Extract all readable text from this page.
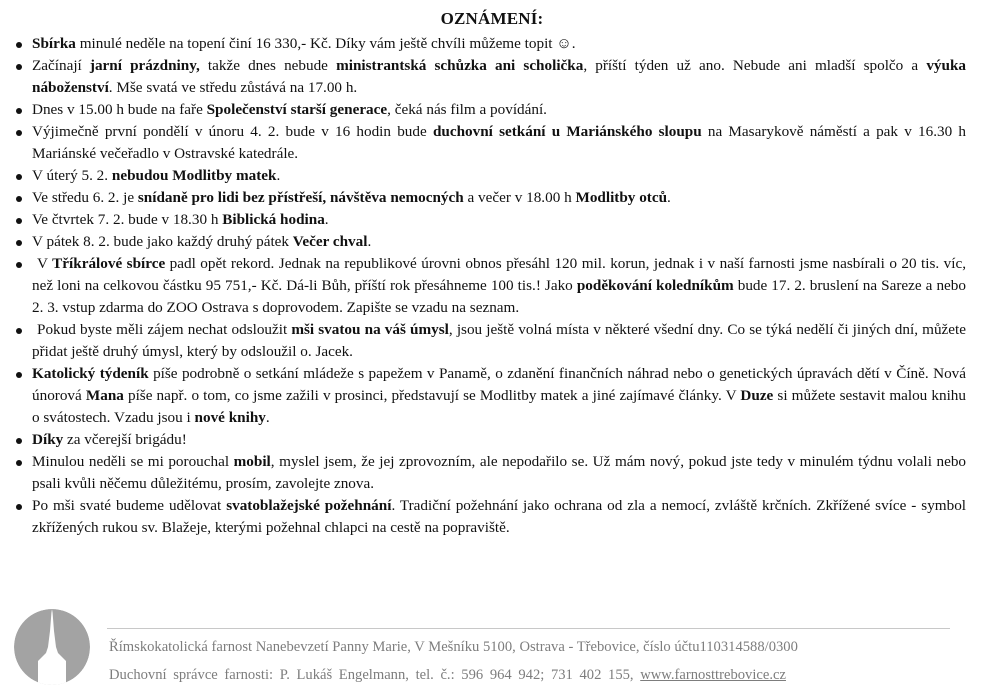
OZNÁMENÍ:
Sbírka minulé neděle na topení činí 16 330,- Kč. Díky vám ještě chvíli můžeme topit ☺.
Začínají jarní prázdniny, takže dnes nebude ministrantská schůzka ani scholička, příští týden už ano. Nebude ani mladší spolčo a výuka náboženství. Mše svatá ve středu zůstává na 17.00 h.
Dnes v 15.00 h bude na faře Společenství starší generace, čeká nás film a povídání.
Výjimečně první pondělí v únoru 4. 2. bude v 16 hodin bude duchovní setkání u Mariánského sloupu na Masarykově náměstí a pak v 16.30 h Mariánské večeřadlo v Ostravské katedrále.
V úterý 5. 2. nebudou Modlitby matek.
Ve středu 6. 2. je snídaně pro lidi bez přístřeší, návštěva nemocných a večer v 18.00 h Modlitby otců.
Ve čtvrtek 7. 2. bude v 18.30 h Biblická hodina.
V pátek 8. 2. bude jako každý druhý pátek Večer chval.
V Tříkrálové sbírce padl opět rekord. Jednak na republikové úrovni obnos přesáhl 120 mil. korun, jednak i v naší farnosti jsme nasbírali o 20 tis. víc, než loni na celkovou částku 95 751,- Kč. Dá-li Bůh, příští rok přesáhneme 100 tis.! Jako poděkování koledníkům bude 17. 2. bruslení na Sareze a nebo 2. 3. vstup zdarma do ZOO Ostrava s doprovodem. Zapište se vzadu na seznam.
Pokud byste měli zájem nechat odsloužit mši svatou na váš úmysl, jsou ještě volná místa v některé všední dny. Co se týká nedělí či jiných dní, můžete přidat ještě druhý úmysl, který by odsloužil o. Jacek.
Katolický týdeník píše podrobně o setkání mládeže s papežem v Panamě, o zdanění finančních náhrad nebo o genetických úpravách dětí v Číně. Nová únorová Mana píše např. o tom, co jsme zažili v prosinci, představují se Modlitby matek a jiné zajímavé články. V Duze si můžete sestavit malou knihu o svátostech. Vzadu jsou i nové knihy.
Díky za včerejší brigádu!
Minulou neděli se mi porouchal mobil, myslel jsem, že jej zprovozním, ale nepodařilo se. Už mám nový, pokud jste tedy v minulém týdnu volali nebo psali kvůli něčemu důležitému, prosím, zavolejte znova.
Po mši svaté budeme udělovat svatoblažejské požehnání. Tradiční požehnání jako ochrana od zla a nemocí, zvláště krčních. Zkřížené svíce - symbol zkřížených rukou sv. Blažeje, kterými požehnal chlapci na cestě na popraviště.
Římskokatolická farnost Nanebevzetí Panny Marie, V Mešníku 5100, Ostrava - Třebovice, číslo účtu110314588/0300
Duchovní správce farnosti: P. Lukáš Engelmann, tel. č.: 596 964 942; 731 402 155, www.farnosttrebovice.cz
